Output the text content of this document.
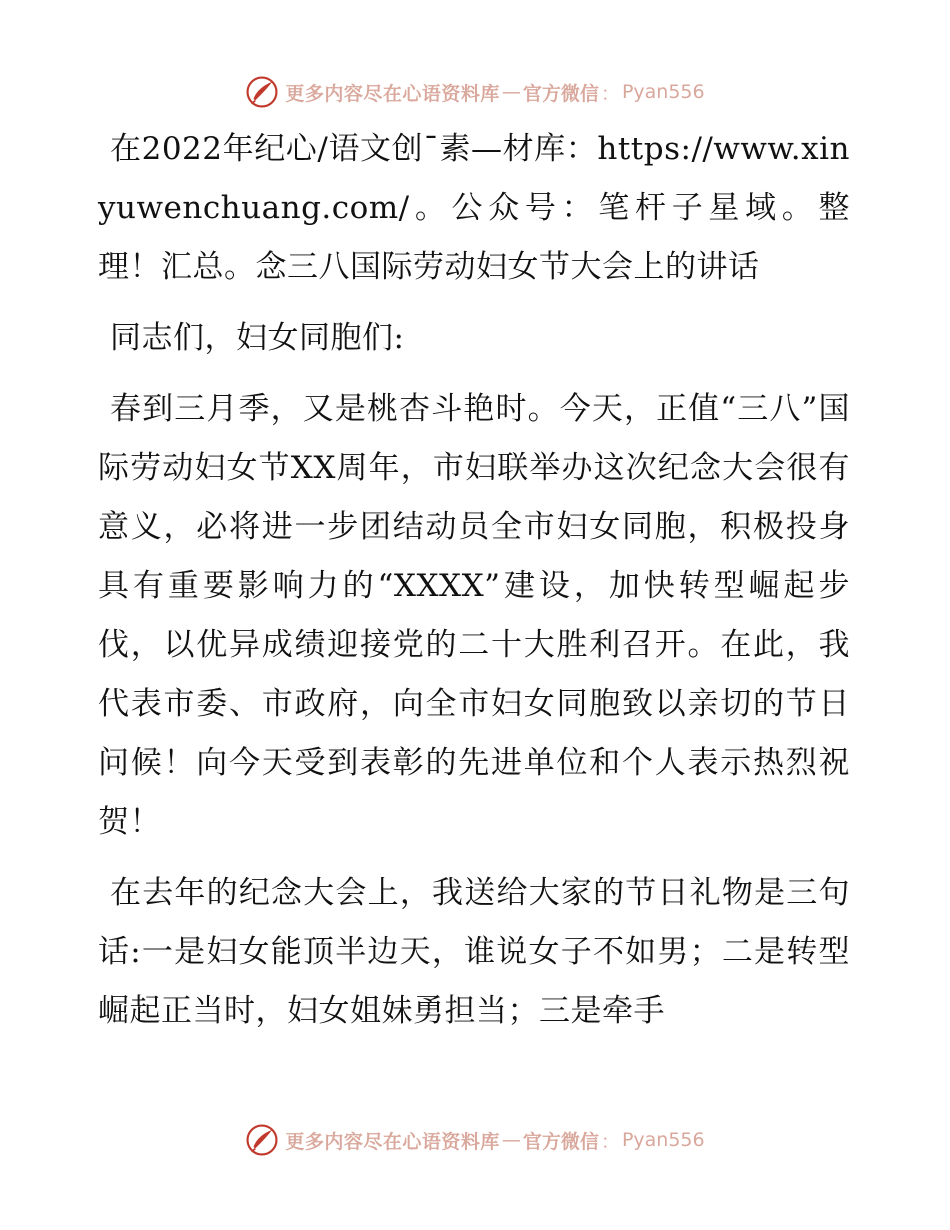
更多内容尽在心语资料库 — 官方微信 ： Pyan556

在2022年纪心/语文创¯素—材库：https://www.xinyuwenchuang.com/。公众号：笔杆子星域。整理！汇总。念三八国际劳动妇女节大会上的讲话

同志们，妇女同胞们:

春到三月季，又是桃杏斗艳时。今天，正值“三八”国际劳动妇女节XX周年，市妇联举办这次纪念大会很有意义，必将进一步团结动员全市妇女同胞，积极投身具有重要影响力的“XXXX”建设，加快转型崛起步伐，以优异成绩迎接党的二十大胜利召开。在此，我代表市委、市政府，向全市妇女同胞致以亲切的节日问候！向今天受到表彰的先进单位和个人表示热烈祝贺！

在去年的纪念大会上，我送给大家的节日礼物是三句话:一是妇女能顶半边天，谁说女子不如男；二是转型崛起正当时，妇女姐妹勇担当；三是牵手

更多内容尽在心语资料库 — 官方微信 ： Pyan556
